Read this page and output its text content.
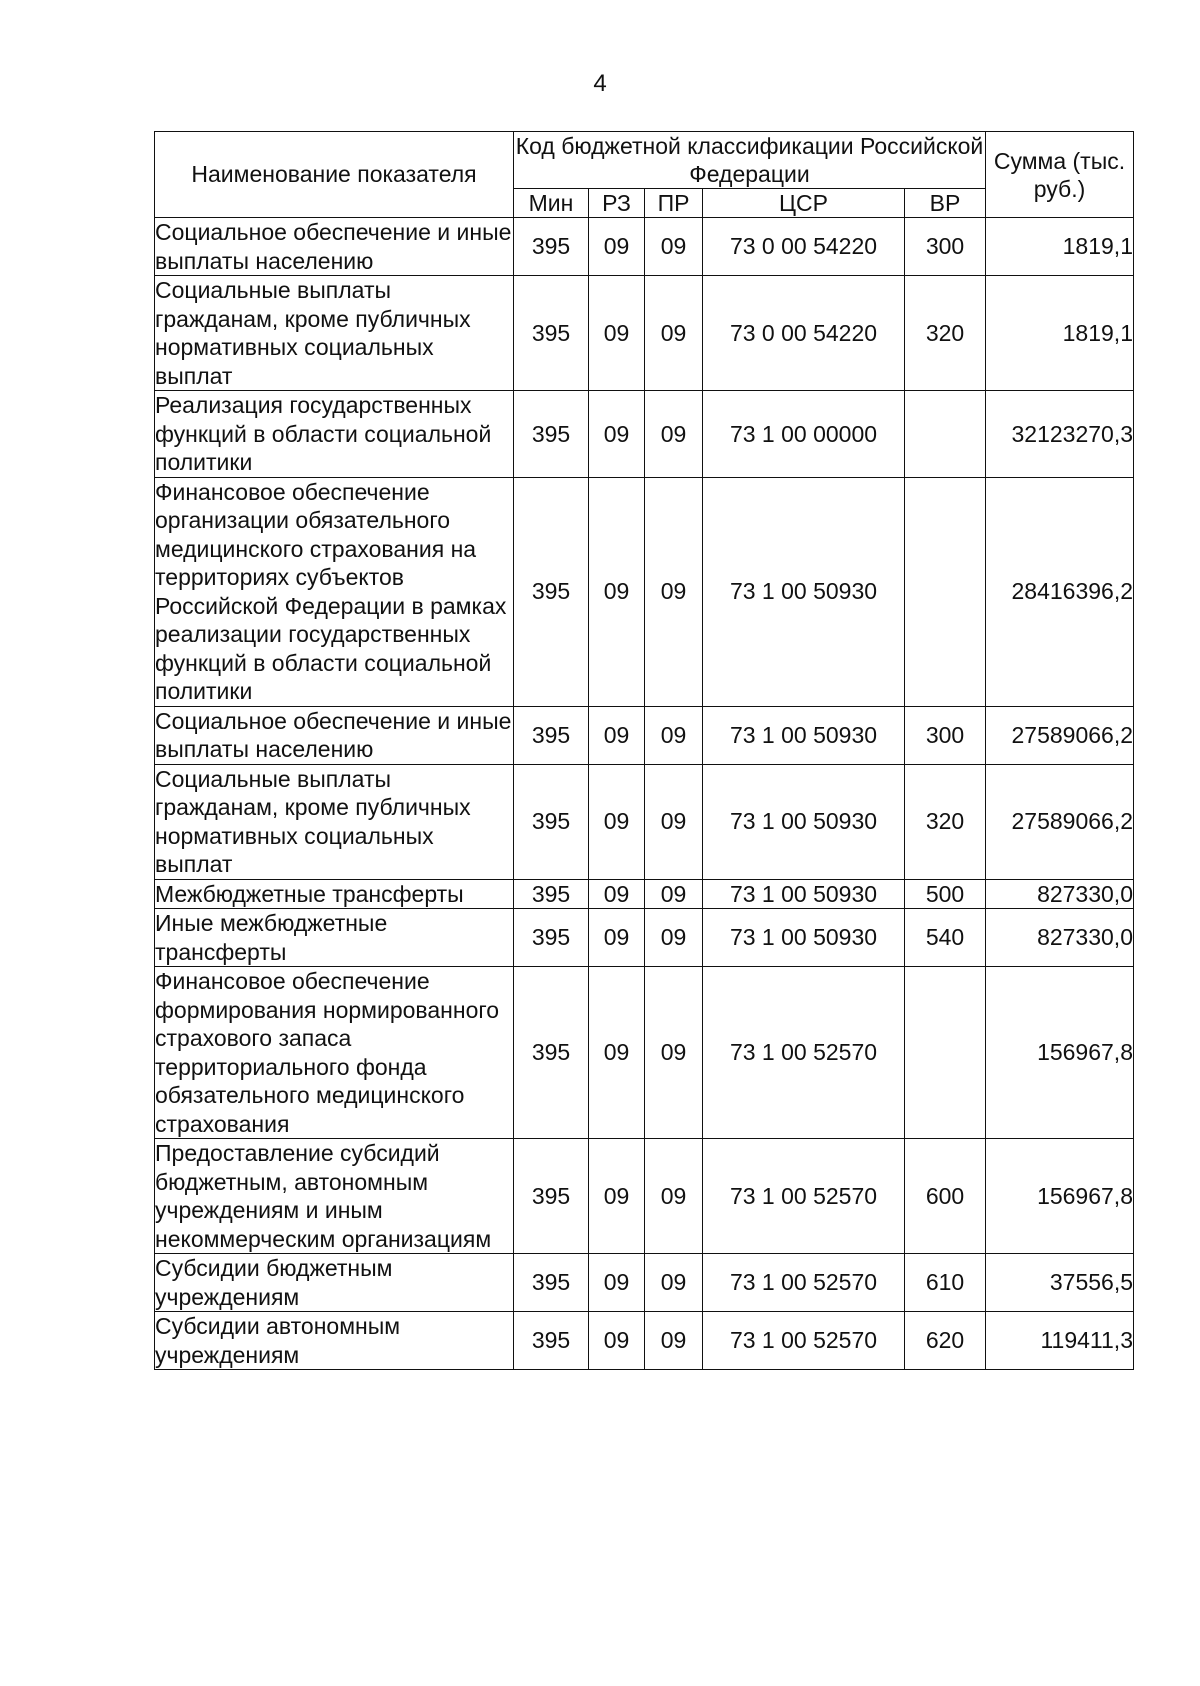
4
Наименование показателя	Код бюджетной классификации Российской Федерации					Сумма (тыс. руб.)
	Мин	РЗ	ПР	ЦСР	ВР	
Социальное обеспечение и иные выплаты населению	395	09	09	73 0 00 54220	300	1819,1
Социальные выплаты гражданам, кроме публичных нормативных социальных выплат	395	09	09	73 0 00 54220	320	1819,1
Реализация государственных функций в области социальной политики	395	09	09	73 1 00 00000		32123270,3
Финансовое обеспечение организации обязательного медицинского страхования на территориях субъектов Российской Федерации в рамках реализации государственных функций в области социальной политики	395	09	09	73 1 00 50930		28416396,2
Социальное обеспечение и иные выплаты населению	395	09	09	73 1 00 50930	300	27589066,2
Социальные выплаты гражданам, кроме публичных нормативных социальных выплат	395	09	09	73 1 00 50930	320	27589066,2
Межбюджетные трансферты	395	09	09	73 1 00 50930	500	827330,0
Иные межбюджетные трансферты	395	09	09	73 1 00 50930	540	827330,0
Финансовое обеспечение формирования нормированного страхового запаса территориального фонда обязательного медицинского страхования	395	09	09	73 1 00 52570		156967,8
Предоставление субсидий бюджетным, автономным учреждениям и иным некоммерческим организациям	395	09	09	73 1 00 52570	600	156967,8
Субсидии бюджетным учреждениям	395	09	09	73 1 00 52570	610	37556,5
Субсидии автономным учреждениям	395	09	09	73 1 00 52570	620	119411,3
